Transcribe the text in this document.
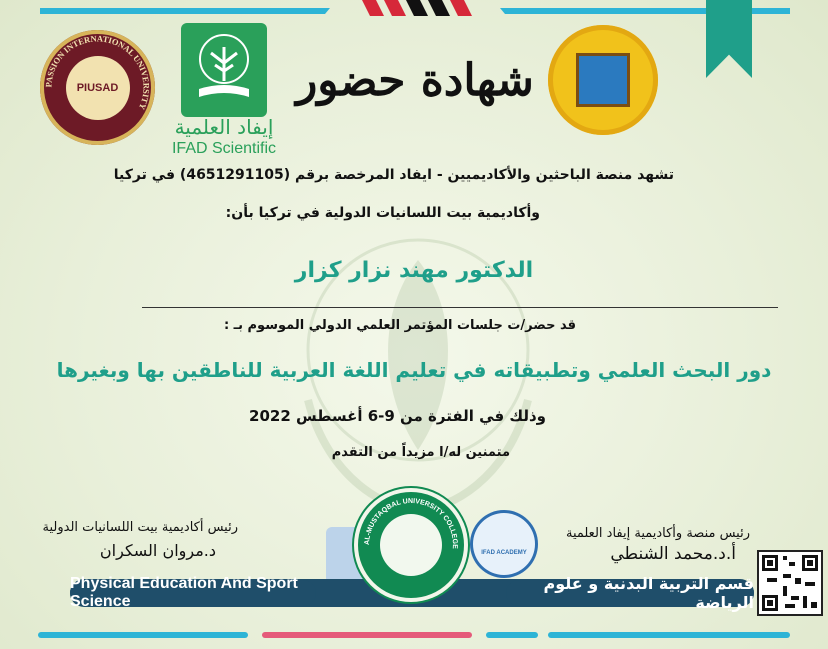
PIUSAD
PASSION INTERNATIONAL UNIVERSITY
إيفاد العلمية
IFAD Scientific
شهادة حضور
تشهد منصة الباحثين والأكاديميين - ايفاد المرخصة برقم (4651291105) في تركيا
وأكاديمية بيت اللسانيات الدولية في تركيا بأن:
الدكتور مهند نزار كزار
قد حضر/ت جلسات المؤتمر العلمي الدولي الموسوم بـ :
دور البحث العلمي وتطبيقاته في تعليم اللغة العربية للناطقين بها وبغيرها
وذلك في الفترة من 9-6 أغسطس 2022
متمنين له/ا مزيداً من التقدم
رئيس أكاديمية بيت اللسانيات الدولية
د.مروان السكران
رئيس منصة وأكاديمية إيفاد العلمية
أ.د.محمد الشنطي
IFAD ACADEMY
Physical Education And Sport Science
قسم التربية البدنية و علوم الرياضة
AL-MUSTAQBAL UNIVERSITY COLLEGE
